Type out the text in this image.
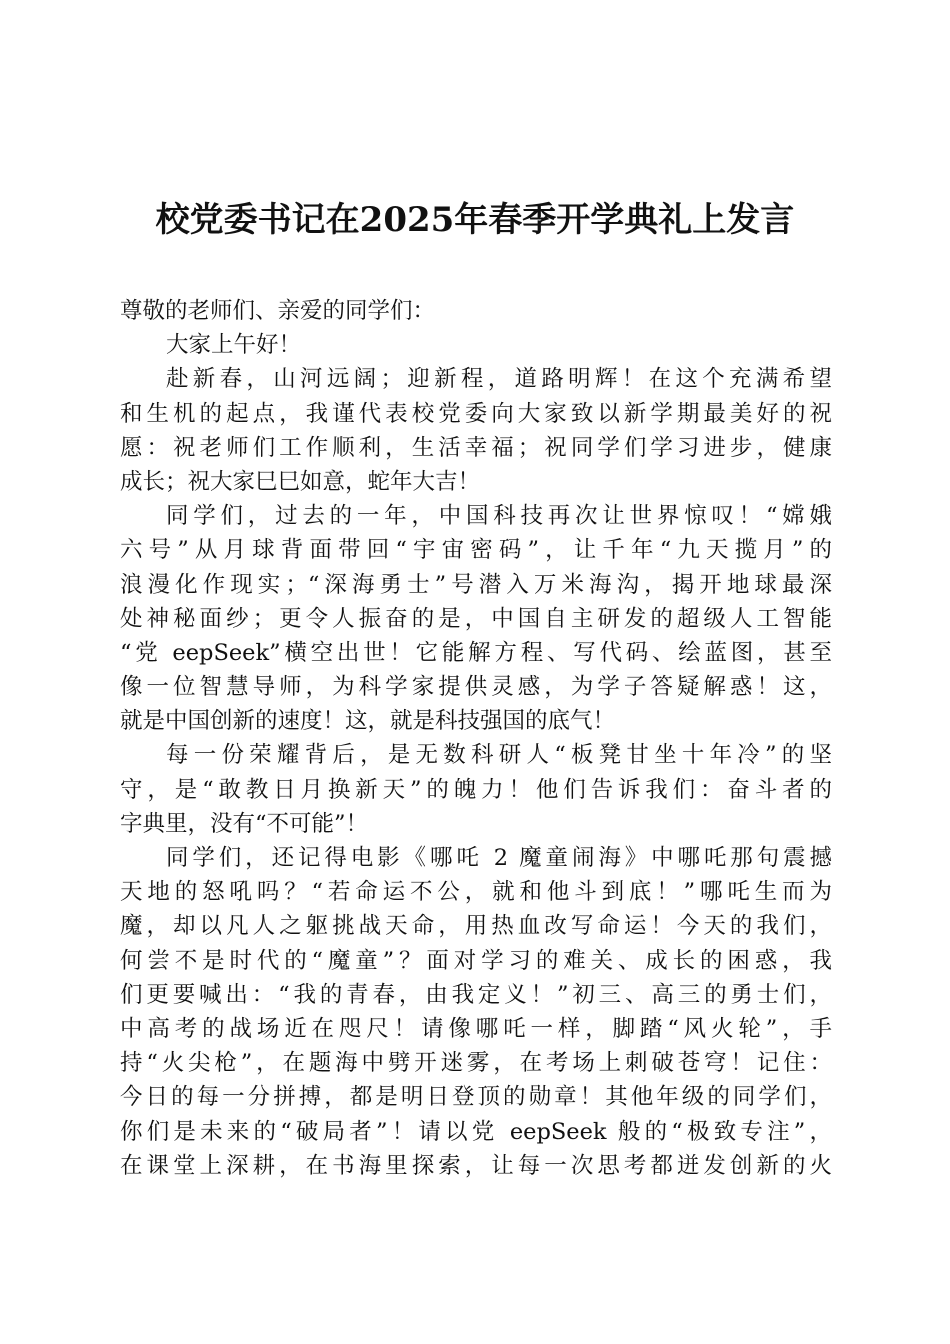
校党委书记在2025年春季开学典礼上发言
尊敬的老师们、亲爱的同学们：
大家上午好！
赴新春，山河远阔；迎新程，道路明辉！在这个充满希望
和生机的起点，我谨代表校党委向大家致以新学期最美好的祝
愿：祝老师们工作顺利，生活幸福；祝同学们学习进步，健康
成长；祝大家巳巳如意，蛇年大吉！
同学们，过去的一年，中国科技再次让世界惊叹！“嫦娥
六号”从月球背面带回“宇宙密码”，让千年“九天揽月”的
浪漫化作现实；“深海勇士”号潜入万米海沟，揭开地球最深
处神秘面纱；更令人振奋的是，中国自主研发的超级人工智能
“党 eepSeek”横空出世！它能解方程、写代码、绘蓝图，甚至
像一位智慧导师，为科学家提供灵感，为学子答疑解惑！这，
就是中国创新的速度！这，就是科技强国的底气！
每一份荣耀背后，是无数科研人“板凳甘坐十年冷”的坚
守，是“敢教日月换新天”的魄力！他们告诉我们：奋斗者的
字典里，没有“不可能”！
同学们，还记得电影《哪吒 2 魔童闹海》中哪吒那句震撼
天地的怒吼吗？“若命运不公，就和他斗到底！”哪吒生而为
魔，却以凡人之躯挑战天命，用热血改写命运！今天的我们，
何尝不是时代的“魔童”？面对学习的难关、成长的困惑，我
们更要喊出：“我的青春，由我定义！”初三、高三的勇士们，
中高考的战场近在咫尺！请像哪吒一样，脚踏“风火轮”，手
持“火尖枪”，在题海中劈开迷雾，在考场上刺破苍穹！记住：
今日的每一分拼搏，都是明日登顶的勋章！其他年级的同学们，
你们是未来的“破局者”！请以党 eepSeek 般的“极致专注”，
在课堂上深耕，在书海里探索，让每一次思考都迸发创新的火
